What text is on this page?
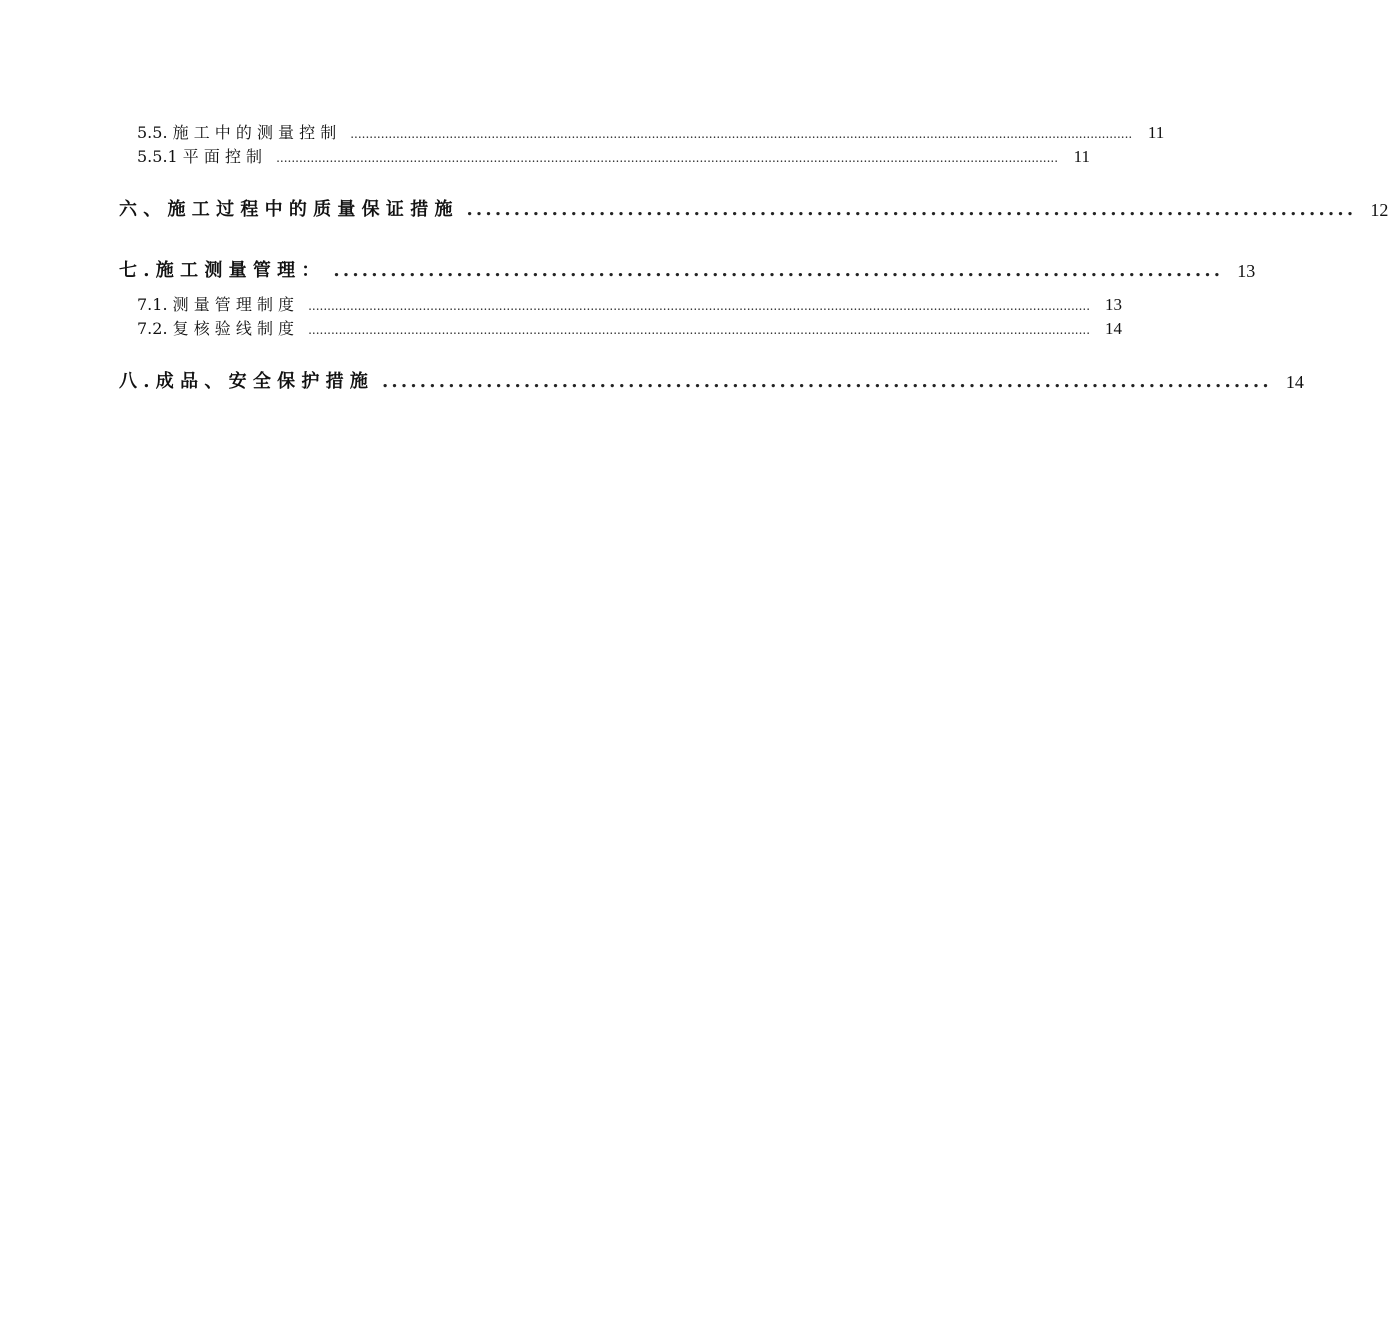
5.5. 施 工 中 的 测 量 控 制 ............................................................................................................................................................................................................. 11
5.5.1 平 面 控 制 ............................................................................................................................................................................................................. 11
六 、 施 工 过 程 中 的 质 量 保 证 措 施 .............................................................................................. 12
七 . 施 工 测 量 管 理 ： .............................................................................................. 13
7.1. 测 量 管 理 制 度 ............................................................................................................................................................................................................. 13
7.2. 复 核 验 线 制 度 ............................................................................................................................................................................................................. 14
八 . 成 品 、 安 全 保 护 措 施 .............................................................................................. 14
